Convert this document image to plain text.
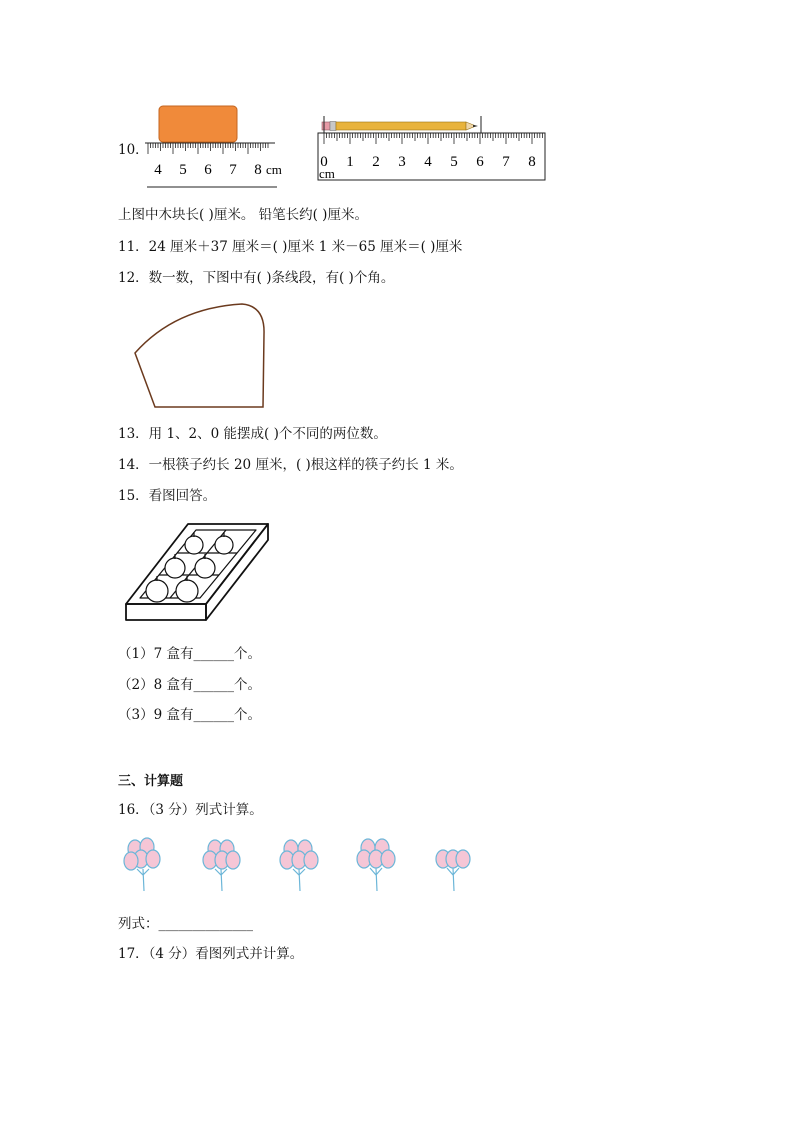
10．
4 5 6 7 8 cm	0 1 2 3 4 5 6 7 8
cm
上图中木块长( )厘米。 铅笔长约( )厘米。
11．24 厘米＋37 厘米＝( )厘米 1 米－65 厘米＝( )厘米
12．数一数，下图中有( )条线段，有( )个角。
13．用 1、2、0 能摆成( )个不同的两位数。
14．一根筷子约长 20 厘米，( )根这样的筷子约长 1 米。
15．看图回答。
（1）7 盒有______个。
（2）8 盒有______个。
（3）9 盒有______个。
三、计算题
16．（3 分）列式计算。
列式：______________
17．（4 分）看图列式并计算。
